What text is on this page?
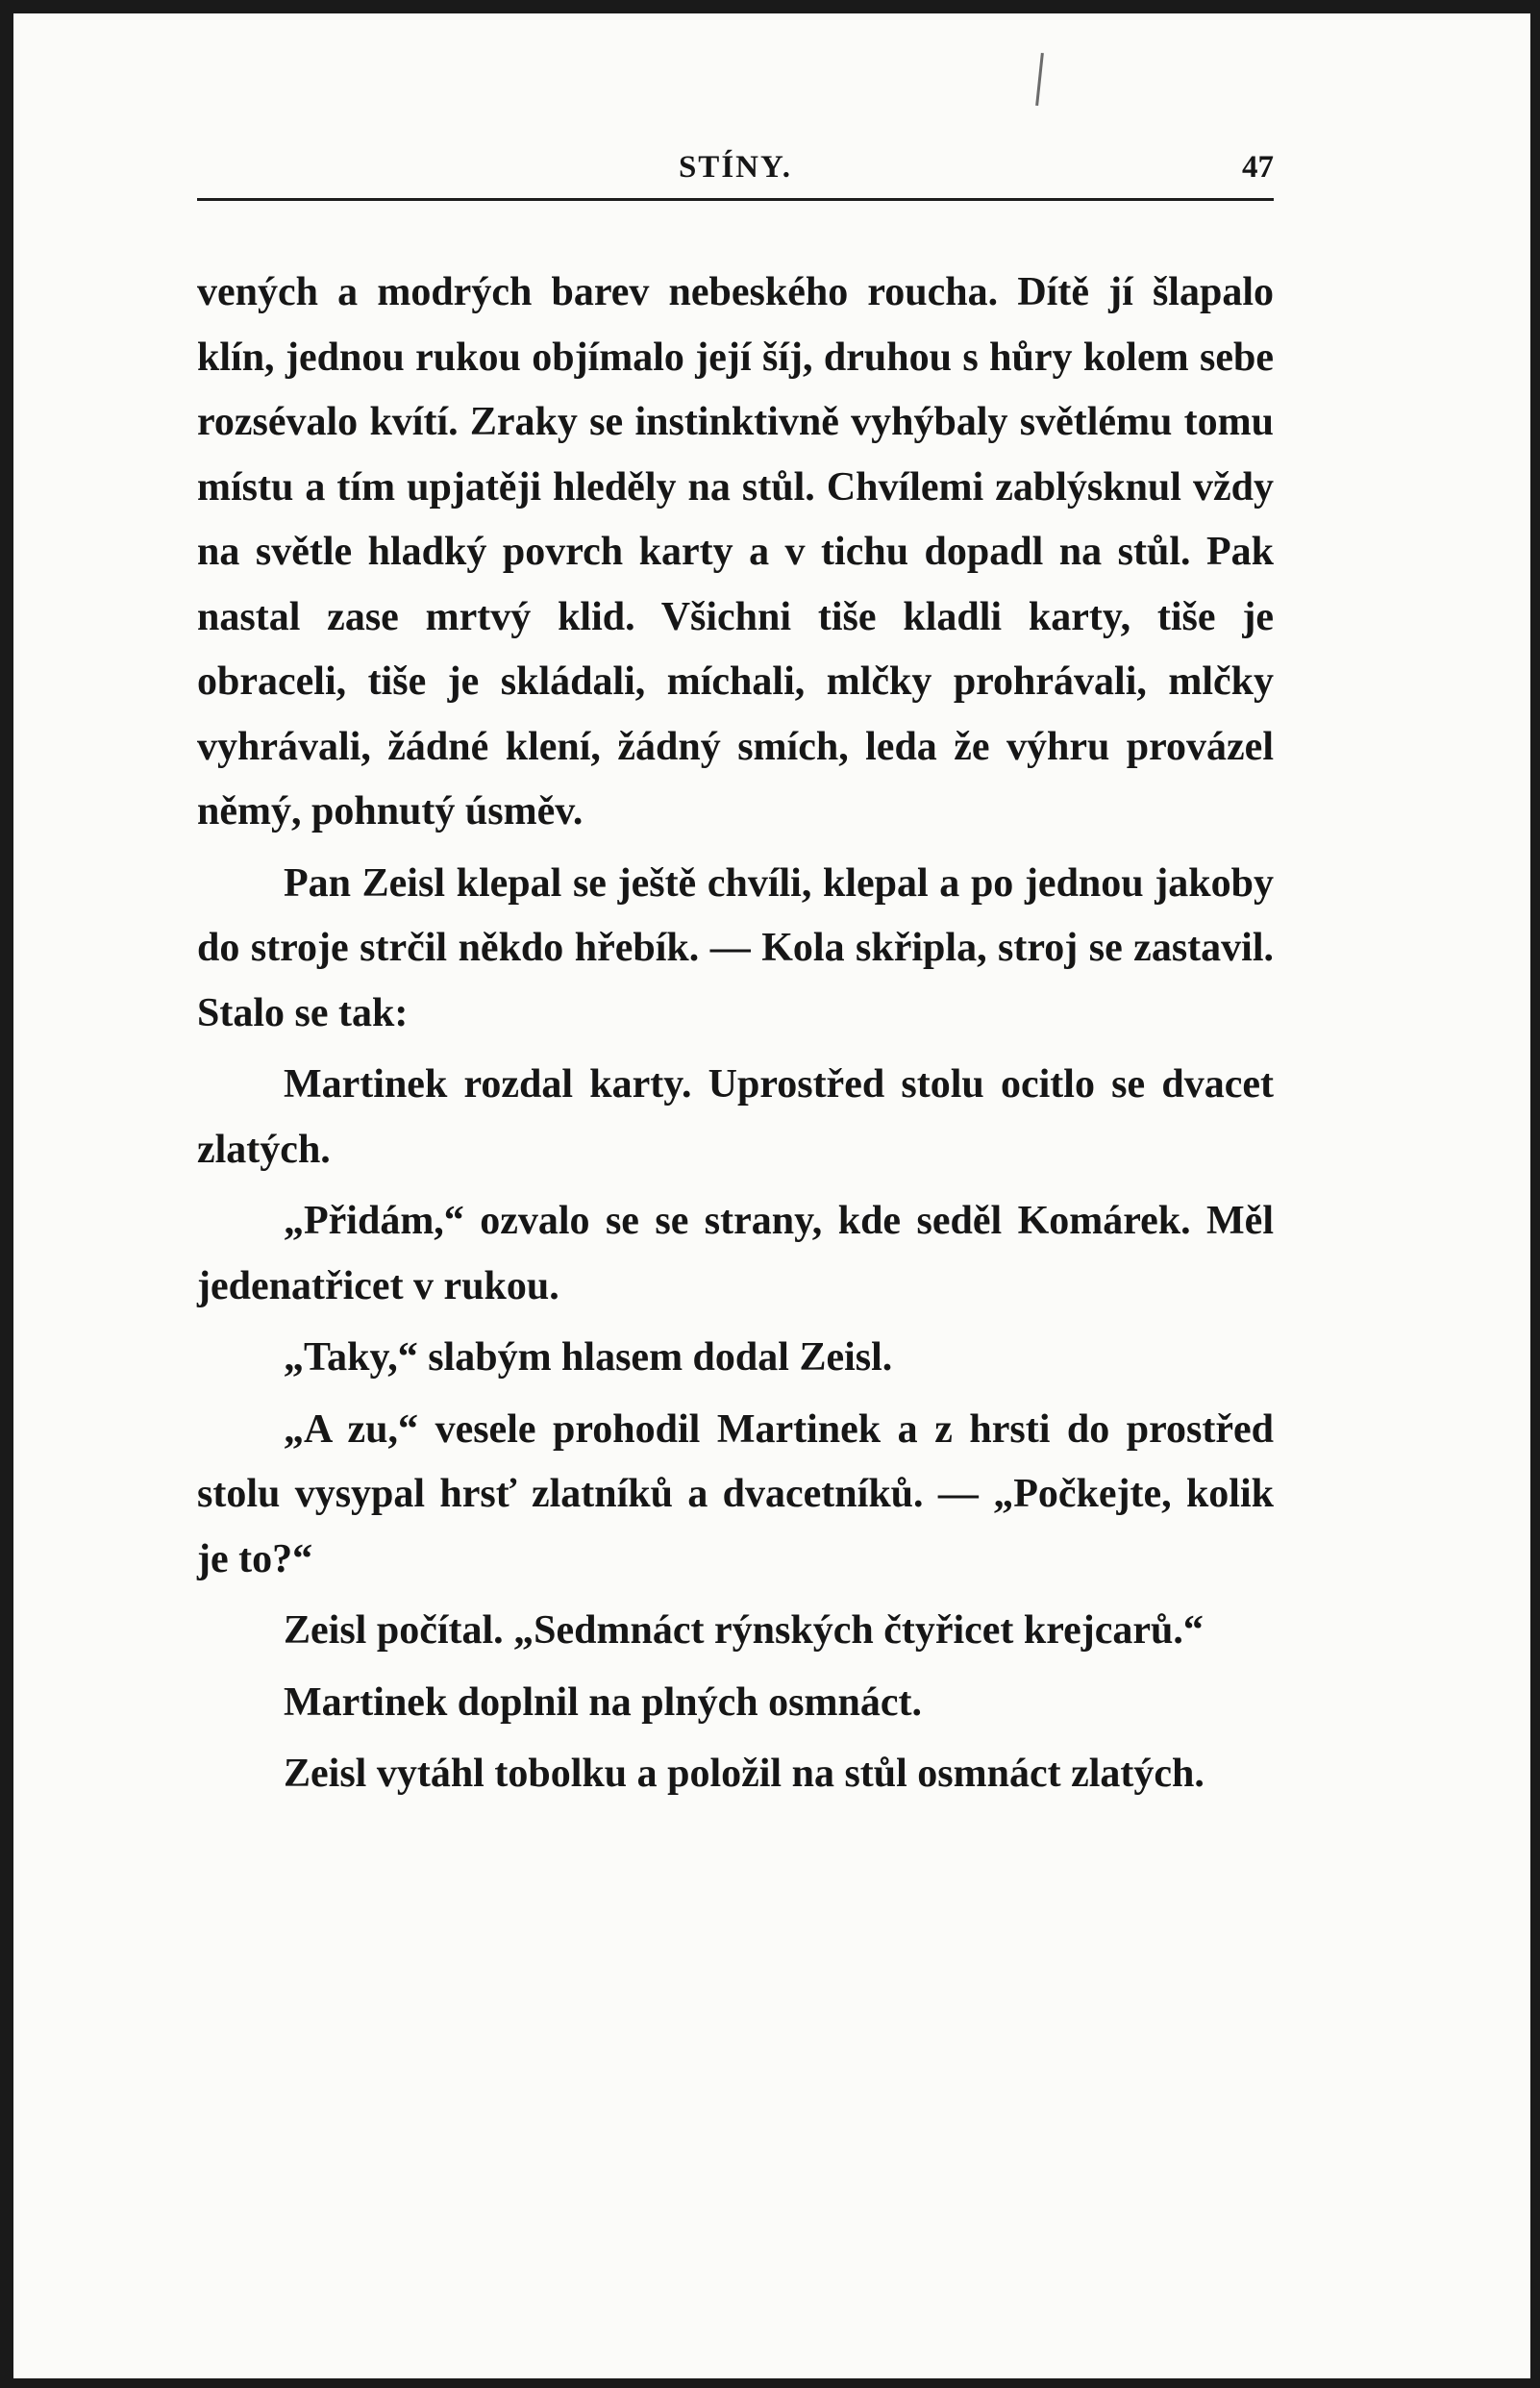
STÍNY.	47

vených a modrých barev nebeského roucha. Dítě jí šlapalo klín, jednou rukou objímalo její šíj, druhou s hůry kolem sebe rozsévalo kvítí. Zraky se instinktivně vyhýbaly světlému tomu místu a tím upjatěji hleděly na stůl. Chvílemi zablýsknul vždy na světle hladký povrch karty a v tichu dopadl na stůl. Pak nastal zase mrtvý klid. Všichni tiše kladli karty, tiše je obraceli, tiše je skládali, míchali, mlčky prohrávali, mlčky vyhrávali, žádné klení, žádný smích, leda že výhru provázel němý, pohnutý úsměv.

Pan Zeisl klepal se ještě chvíli, klepal a po jednou jakoby do stroje strčil někdo hřebík. — Kola skřipla, stroj se zastavil. Stalo se tak:

Martinek rozdal karty. Uprostřed stolu ocitlo se dvacet zlatých.

„Přidám,“ ozvalo se se strany, kde seděl Komárek. Měl jedenatřicet v rukou.

„Taky,“ slabým hlasem dodal Zeisl.

„A zu,“ vesele prohodil Martinek a z hrsti do prostřed stolu vysypal hrsť zlatníků a dvacetníků. — „Počkejte, kolik je to?“

Zeisl počítal. „Sedmnáct rýnských čtyřicet krejcarů.“

Martinek doplnil na plných osmnáct.

Zeisl vytáhl tobolku a položil na stůl osmnáct zlatých.
